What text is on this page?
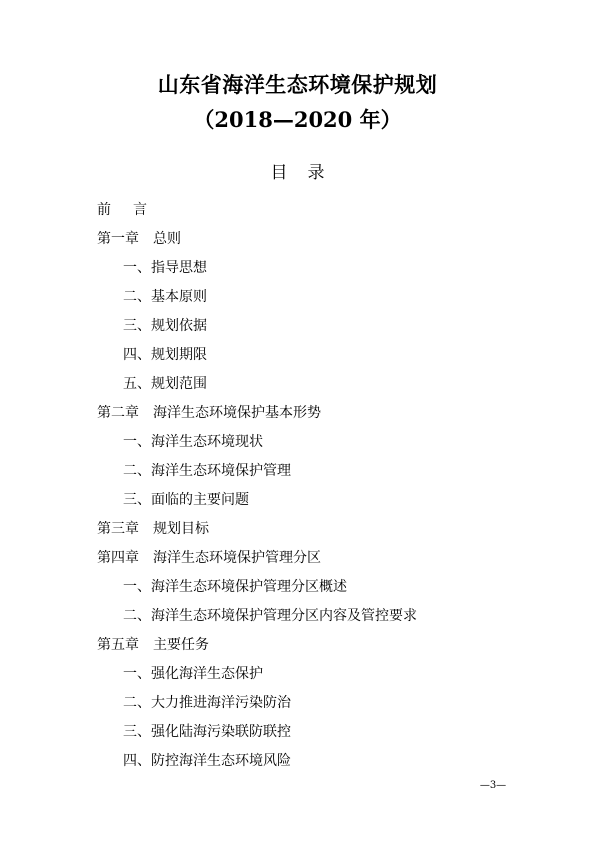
山东省海洋生态环境保护规划
（2018—2020 年）
目录
前 言
第一章 总则
一、指导思想
二、基本原则
三、规划依据
四、规划期限
五、规划范围
第二章 海洋生态环境保护基本形势
一、海洋生态环境现状
二、海洋生态环境保护管理
三、面临的主要问题
第三章 规划目标
第四章 海洋生态环境保护管理分区
一、海洋生态环境保护管理分区概述
二、海洋生态环境保护管理分区内容及管控要求
第五章 主要任务
一、强化海洋生态保护
二、大力推进海洋污染防治
三、强化陆海污染联防联控
四、防控海洋生态环境风险
—3—
